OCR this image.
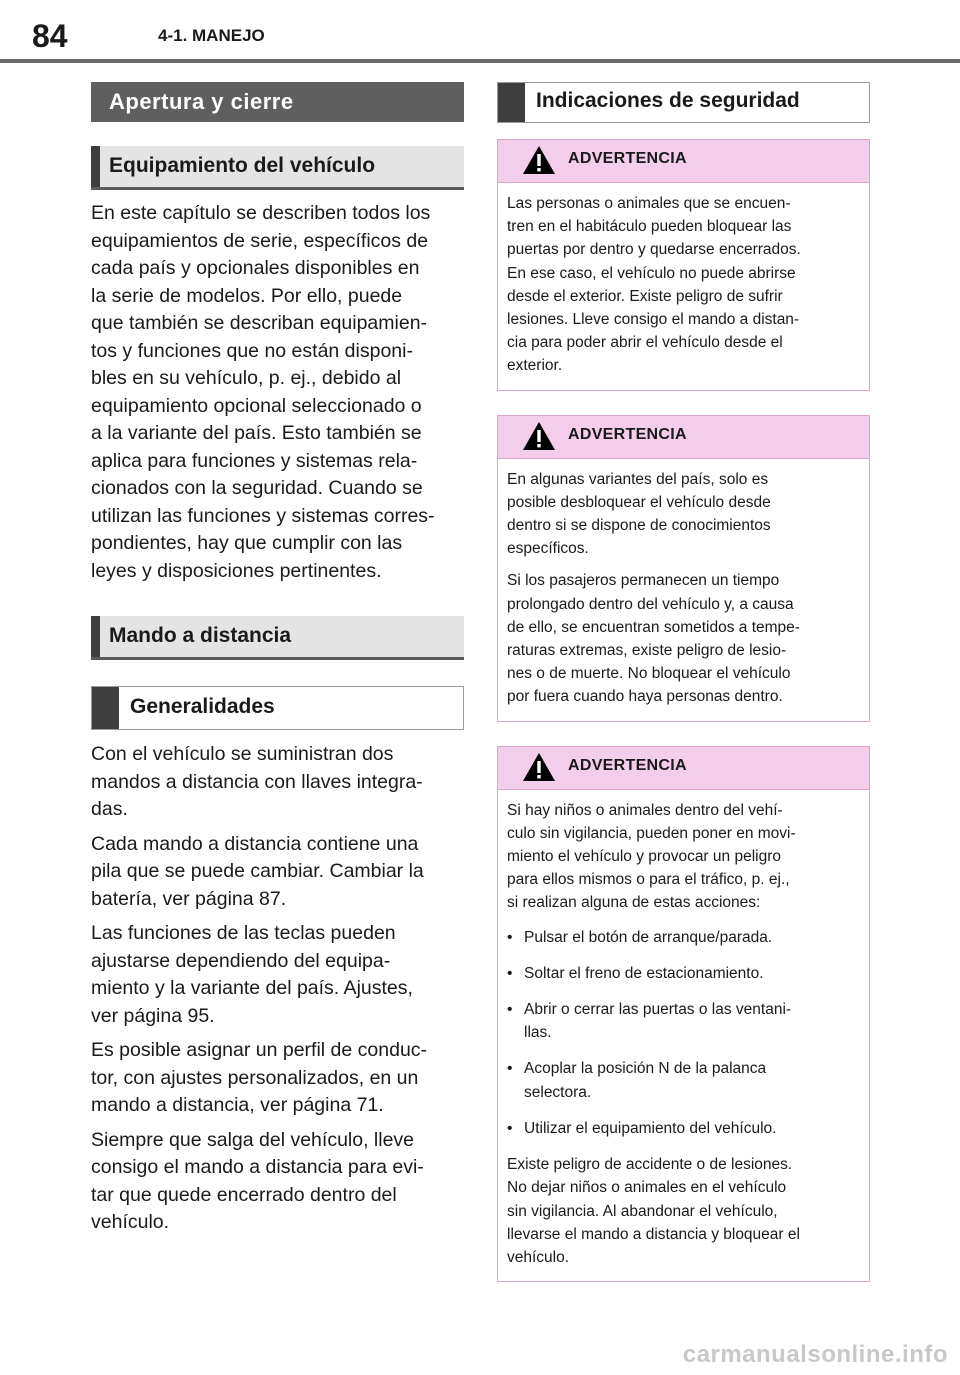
84	4-1. MANEJO
Apertura y cierre
Equipamiento del vehículo

En este capítulo se describen todos los
equipamientos de serie, específicos de
cada país y opcionales disponibles en
la serie de modelos. Por ello, puede
que también se describan equipamien-
tos y funciones que no están disponi-
bles en su vehículo, p. ej., debido al
equipamiento opcional seleccionado o
a la variante del país. Esto también se
aplica para funciones y sistemas rela-
cionados con la seguridad. Cuando se
utilizan las funciones y sistemas corres-
pondientes, hay que cumplir con las
leyes y disposiciones pertinentes.

Mando a distancia
Generalidades

Con el vehículo se suministran dos
mandos a distancia con llaves integra-
das.

Cada mando a distancia contiene una
pila que se puede cambiar. Cambiar la
batería, ver página 87.

Las funciones de las teclas pueden
ajustarse dependiendo del equipa-
miento y la variante del país. Ajustes,
ver página 95.

Es posible asignar un perfil de conduc-
tor, con ajustes personalizados, en un
mando a distancia, ver página 71.

Siempre que salga del vehículo, lleve
consigo el mando a distancia para evi-
tar que quede encerrado dentro del
vehículo.

Indicaciones de seguridad
ADVERTENCIA

Las personas o animales que se encuen-
tren en el habitáculo pueden bloquear las
puertas por dentro y quedarse encerrados.
En ese caso, el vehículo no puede abrirse
desde el exterior. Existe peligro de sufrir
lesiones. Lleve consigo el mando a distan-
cia para poder abrir el vehículo desde el
exterior.

ADVERTENCIA

En algunas variantes del país, solo es
posible desbloquear el vehículo desde
dentro si se dispone de conocimientos
específicos.

Si los pasajeros permanecen un tiempo
prolongado dentro del vehículo y, a causa
de ello, se encuentran sometidos a tempe-
raturas extremas, existe peligro de lesio-
nes o de muerte. No bloquear el vehículo
por fuera cuando haya personas dentro.

ADVERTENCIA

Si hay niños o animales dentro del vehí-
culo sin vigilancia, pueden poner en movi-
miento el vehículo y provocar un peligro
para ellos mismos o para el tráfico, p. ej.,
si realizan alguna de estas acciones:

• Pulsar el botón de arranque/parada.
• Soltar el freno de estacionamiento.
• Abrir o cerrar las puertas o las ventani-
llas.
• Acoplar la posición N de la palanca
selectora.
• Utilizar el equipamiento del vehículo.

Existe peligro de accidente o de lesiones.
No dejar niños o animales en el vehículo
sin vigilancia. Al abandonar el vehículo,
llevarse el mando a distancia y bloquear el
vehículo.

carmanualsonline.info
